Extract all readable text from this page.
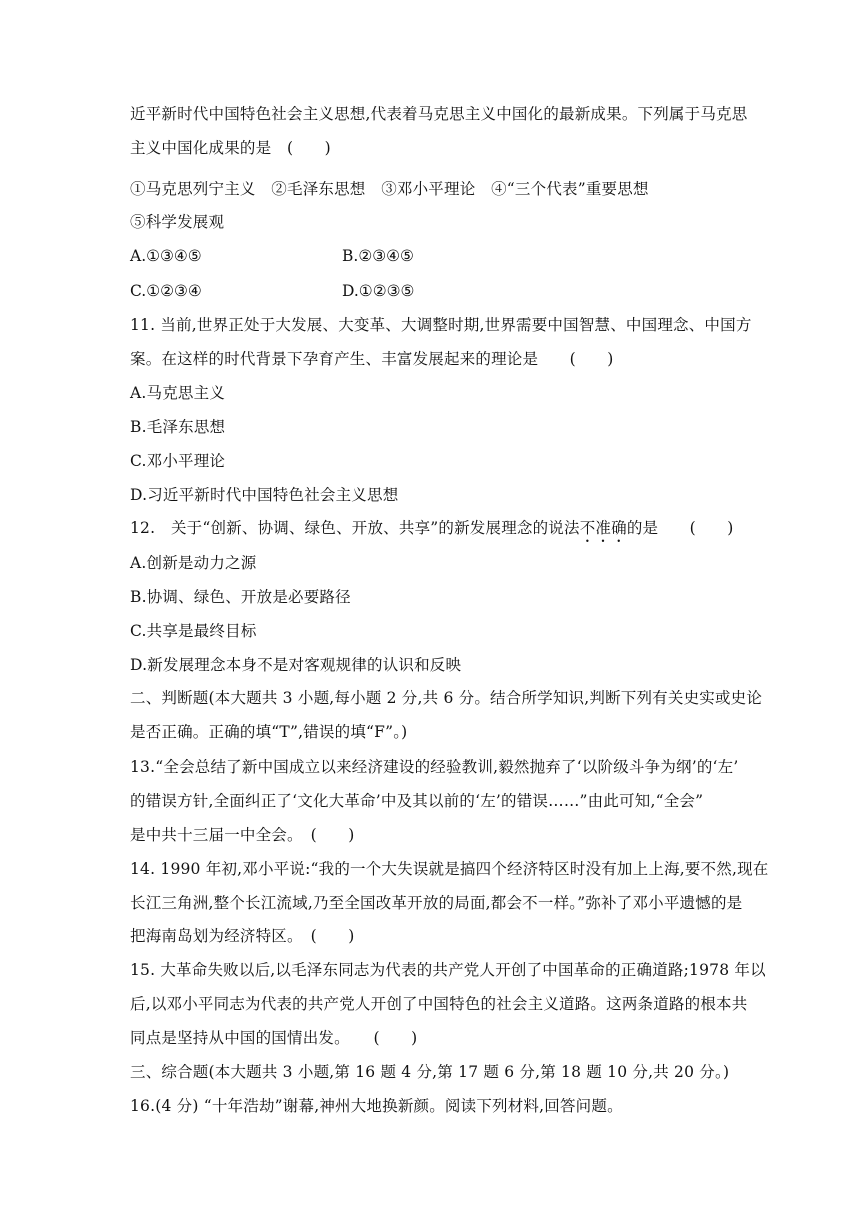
近平新时代中国特色社会主义思想,代表着马克思主义中国化的最新成果。下列属于马克思
主义中国化成果的是　(　　)
①马克思列宁主义　②毛泽东思想　③邓小平理论　④“三个代表”重要思想
⑤科学发展观
A.①③④⑤	B.②③④⑤
C.①②③④	D.①②③⑤
11. 当前,世界正处于大发展、大变革、大调整时期,世界需要中国智慧、中国理念、中国方
案。在这样的时代背景下孕育产生、丰富发展起来的理论是　　(　　)
A.马克思主义
B.毛泽东思想
C.邓小平理论
D.习近平新时代中国特色社会主义思想
12.　关于“创新、协调、绿色、开放、共享”的新发展理念的说法不准确的是　　(　　)
A.创新是动力之源
B.协调、绿色、开放是必要路径
C.共享是最终目标
D.新发展理念本身不是对客观规律的认识和反映
二、判断题(本大题共 3 小题,每小题 2 分,共 6 分。结合所学知识,判断下列有关史实或史论
是否正确。正确的填“T”,错误的填“F”。)
13.“全会总结了新中国成立以来经济建设的经验教训,毅然抛弃了‘以阶级斗争为纲’的‘左’
的错误方针,全面纠正了‘文化大革命’中及其以前的‘左’的错误……”由此可知,“全会”
是中共十三届一中全会。　(　　)
14. 1990 年初,邓小平说:“我的一个大失误就是搞四个经济特区时没有加上上海,要不然,现在
长江三角洲,整个长江流域,乃至全国改革开放的局面,都会不一样。”弥补了邓小平遗憾的是
把海南岛划为经济特区。　(　　)
15. 大革命失败以后,以毛泽东同志为代表的共产党人开创了中国革命的正确道路;1978 年以
后,以邓小平同志为代表的共产党人开创了中国特色的社会主义道路。这两条道路的根本共
同点是坚持从中国的国情出发。　　(　　)
三、综合题(本大题共 3 小题,第 16 题 4 分,第 17 题 6 分,第 18 题 10 分,共 20 分。)
16.(4 分) “十年浩劫”谢幕,神州大地换新颜。阅读下列材料,回答问题。
